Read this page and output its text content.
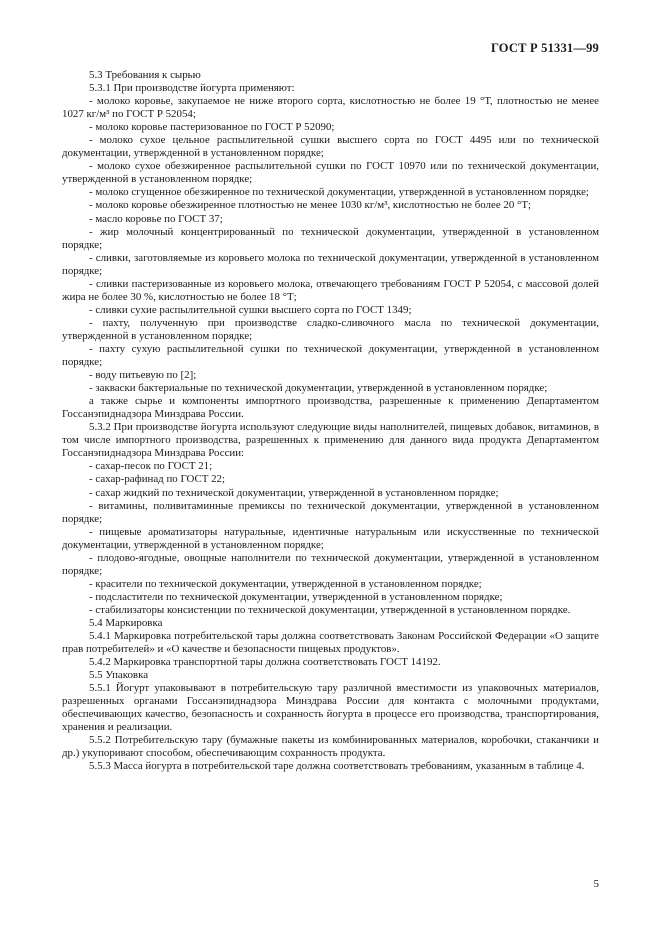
ГОСТ Р 51331—99

5.3 Требования к сырью

5.3.1 При производстве йогурта применяют:

- молоко коровье, закупаемое не ниже второго сорта, кислотностью не более 19 °Т, плотностью не менее 1027 кг/м³ по ГОСТ Р 52054;

- молоко коровье пастеризованное по ГОСТ Р 52090;

- молоко сухое цельное распылительной сушки высшего сорта по ГОСТ 4495 или по технической документации, утвержденной в установленном порядке;

- молоко сухое обезжиренное распылительной сушки по ГОСТ 10970 или по технической документации, утвержденной в установленном порядке;

- молоко сгущенное обезжиренное по технической документации, утвержденной в установленном порядке;

- молоко коровье обезжиренное плотностью не менее 1030 кг/м³, кислотностью не более 20 °Т;

- масло коровье по ГОСТ 37;

- жир молочный концентрированный по технической документации, утвержденной в установленном порядке;

- сливки, заготовляемые из коровьего молока по технической документации, утвержденной в установленном порядке;

- сливки пастеризованные из коровьего молока, отвечающего требованиям ГОСТ Р 52054, с массовой долей жира не более 30 %, кислотностью не более 18 °Т;

- сливки сухие распылительной сушки высшего сорта по ГОСТ 1349;

- пахту, полученную при производстве сладко-сливочного масла по технической документации, утвержденной в установленном порядке;

- пахту сухую распылительной сушки по технической документации, утвержденной в установленном порядке;

- воду питьевую по [2];

- закваски бактериальные по технической документации, утвержденной в установленном порядке;

а также сырье и компоненты импортного производства, разрешенные к применению Департаментом Госсанэпиднадзора Минздрава России.

5.3.2 При производстве йогурта используют следующие виды наполнителей, пищевых добавок, витаминов, в том числе импортного производства, разрешенных к применению для данного вида продукта Департаментом Госсанэпиднадзора Минздрава России:

- сахар-песок по ГОСТ 21;

- сахар-рафинад по ГОСТ 22;

- сахар жидкий по технической документации, утвержденной в установленном порядке;

- витамины, поливитаминные премиксы по технической документации, утвержденной в установленном порядке;

- пищевые ароматизаторы натуральные, идентичные натуральным или искусственные по технической документации, утвержденной в установленном порядке;

- плодово-ягодные, овощные наполнители по технической документации, утвержденной в установленном порядке;

- красители по технической документации, утвержденной в установленном порядке;

- подсластители по технической документации, утвержденной в установленном порядке;

- стабилизаторы консистенции по технической документации, утвержденной в установленном порядке.

5.4 Маркировка

5.4.1 Маркировка потребительской тары должна соответствовать Законам Российской Федерации «О защите прав потребителей» и «О качестве и безопасности пищевых продуктов».

5.4.2 Маркировка транспортной тары должна соответствовать ГОСТ 14192.

5.5 Упаковка

5.5.1 Йогурт упаковывают в потребительскую тару различной вместимости из упаковочных материалов, разрешенных органами Госсанэпиднадзора Минздрава России для контакта с молочными продуктами, обеспечивающих качество, безопасность и сохранность йогурта в процессе его производства, транспортирования, хранения и реализации.

5.5.2 Потребительскую тару (бумажные пакеты из комбинированных материалов, коробочки, стаканчики и др.) укупоривают способом, обеспечивающим сохранность продукта.

5.5.3 Масса йогурта в потребительской таре должна соответствовать требованиям, указанным в таблице 4.

5
